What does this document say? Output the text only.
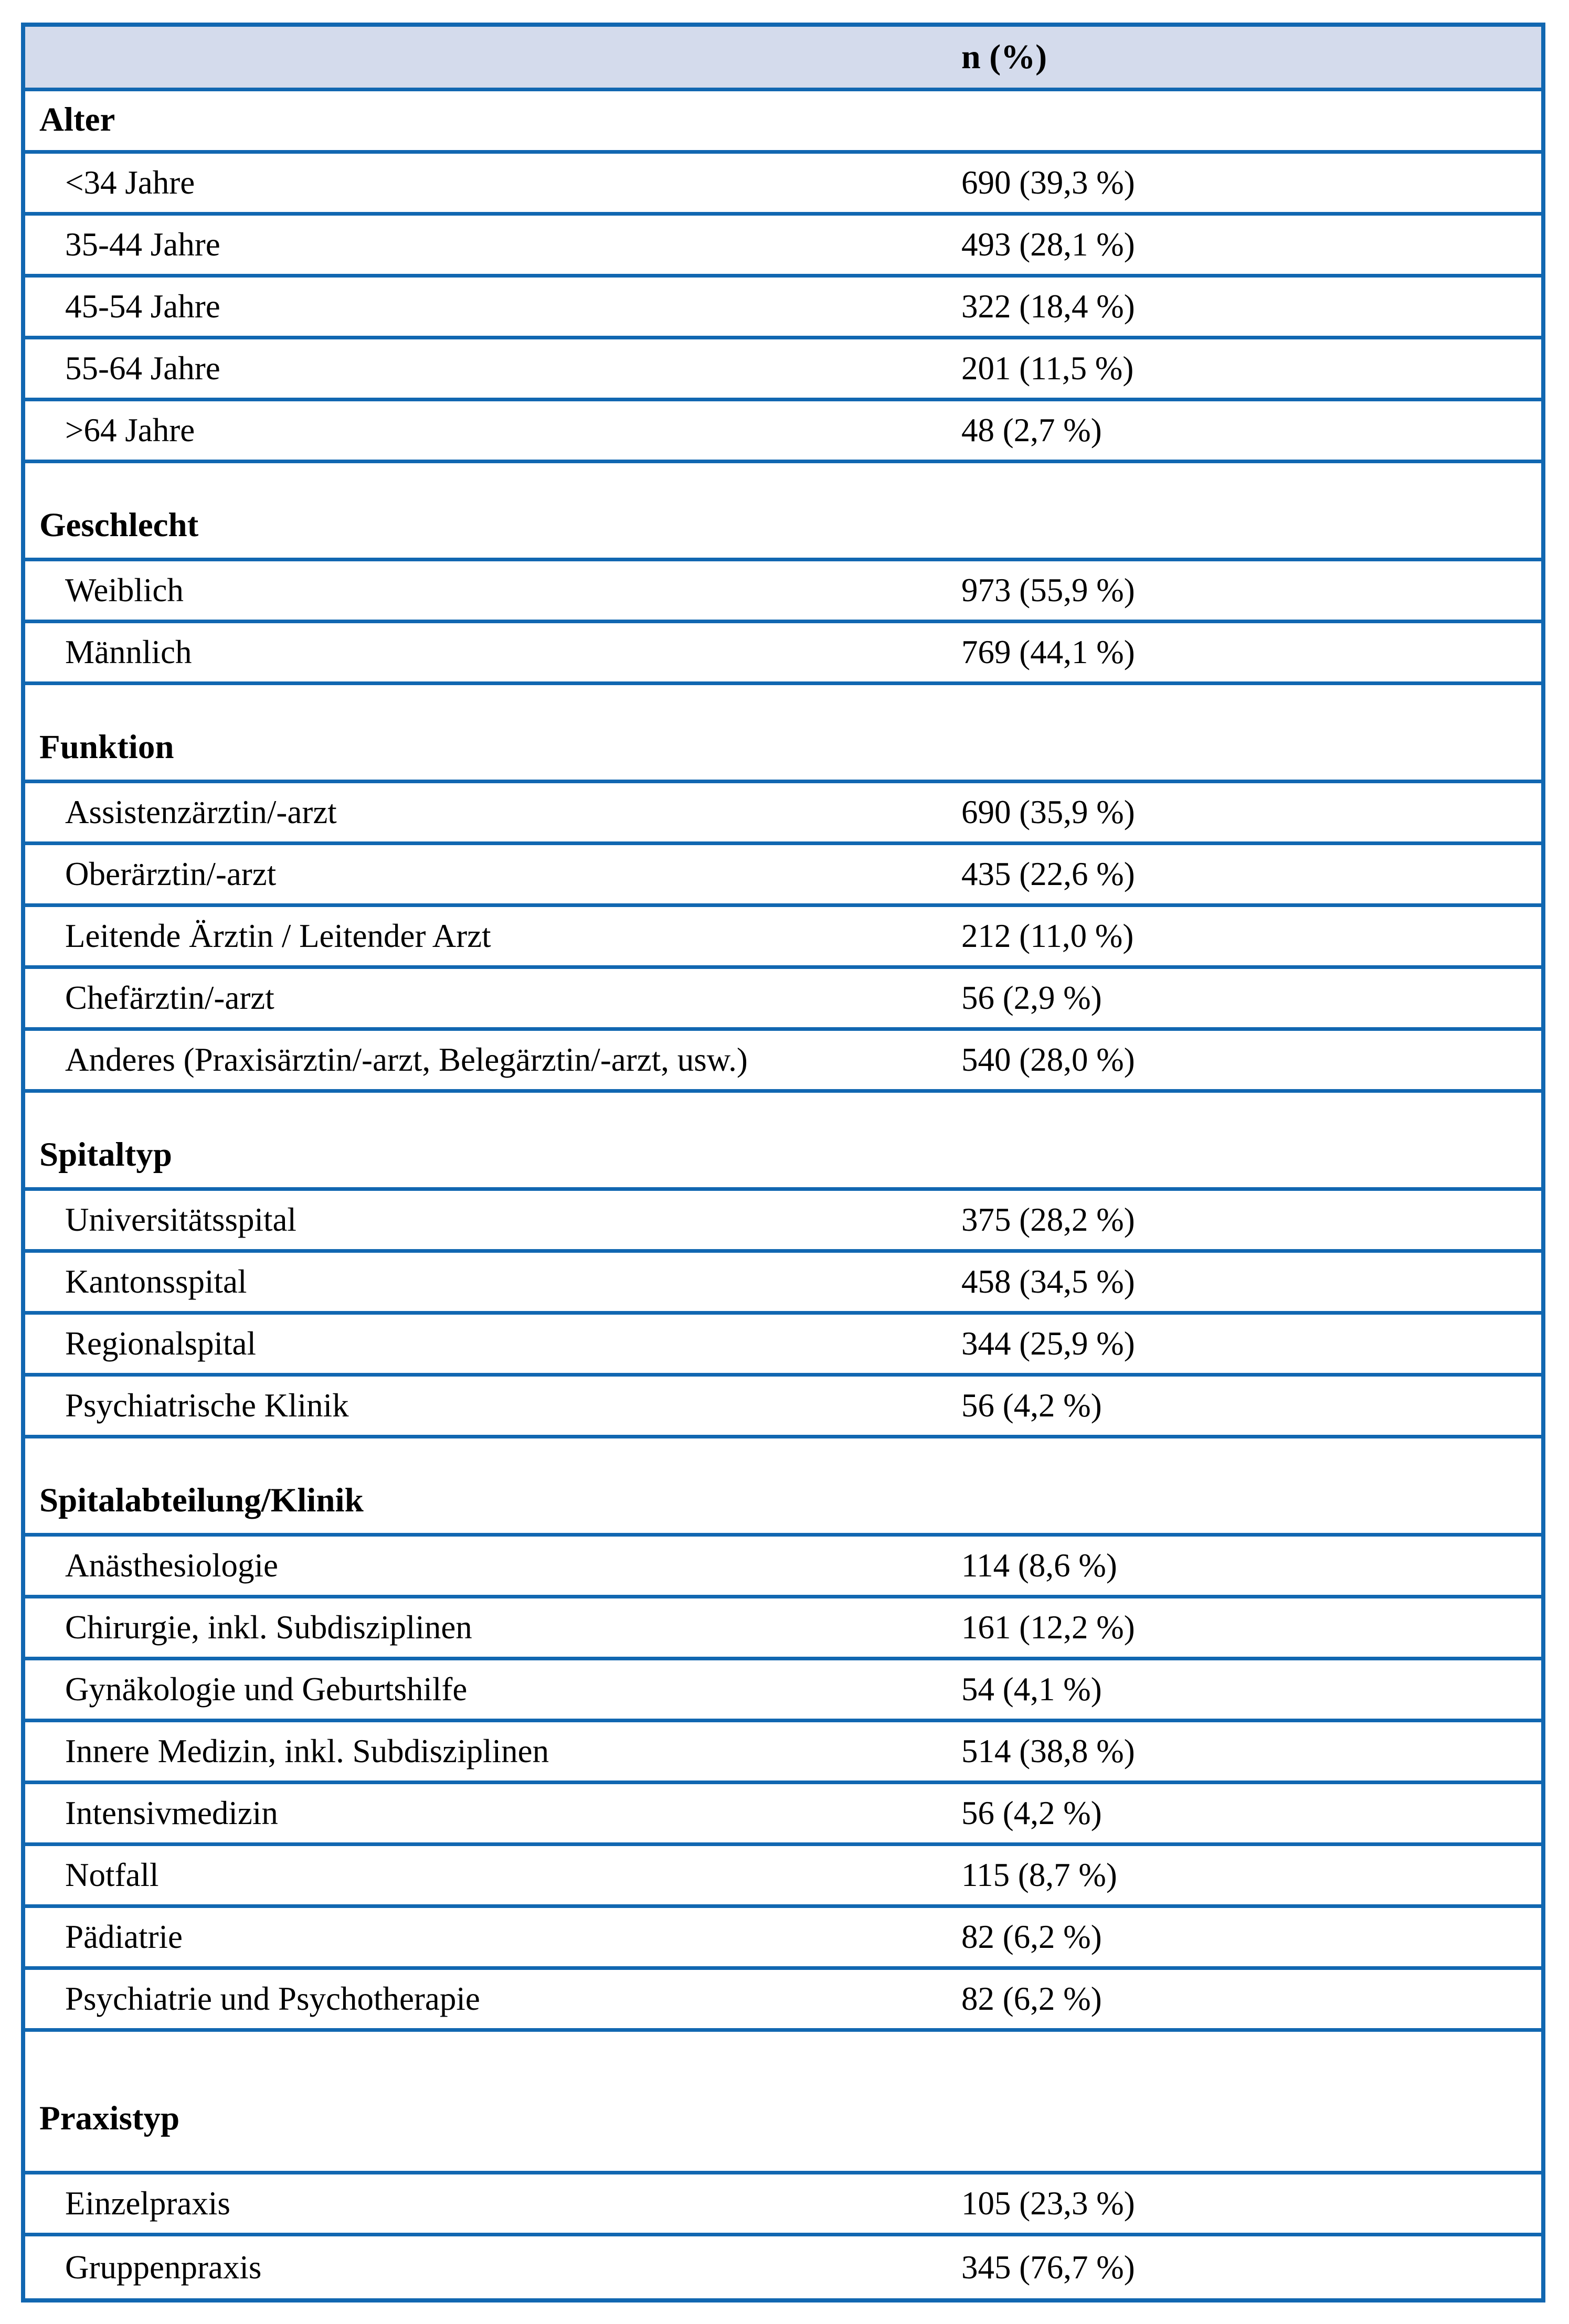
n (%)
Alter
<34 Jahre	690 (39,3 %)
35-44 Jahre	493 (28,1 %)
45-54 Jahre	322 (18,4 %)
55-64 Jahre	201 (11,5 %)
>64 Jahre	48 (2,7 %)
Geschlecht
Weiblich	973 (55,9 %)
Männlich	769 (44,1 %)
Funktion
Assistenzärztin/-arzt	690 (35,9 %)
Oberärztin/-arzt	435 (22,6 %)
Leitende Ärztin / Leitender Arzt	212 (11,0 %)
Chefärztin/-arzt	56 (2,9 %)
Anderes (Praxisärztin/-arzt, Belegärztin/-arzt, usw.)	540 (28,0 %)
Spitaltyp
Universitätsspital	375 (28,2 %)
Kantonsspital	458 (34,5 %)
Regionalspital	344 (25,9 %)
Psychiatrische Klinik	56 (4,2 %)
Spitalabteilung/Klinik
Anästhesiologie	114 (8,6 %)
Chirurgie, inkl. Subdisziplinen	161 (12,2 %)
Gynäkologie und Geburtshilfe	54 (4,1 %)
Innere Medizin, inkl. Subdisziplinen	514 (38,8 %)
Intensivmedizin	56 (4,2 %)
Notfall	115 (8,7 %)
Pädiatrie	82 (6,2 %)
Psychiatrie und Psychotherapie	82 (6,2 %)
Praxistyp
Einzelpraxis	105 (23,3 %)
Gruppenpraxis	345 (76,7 %)
